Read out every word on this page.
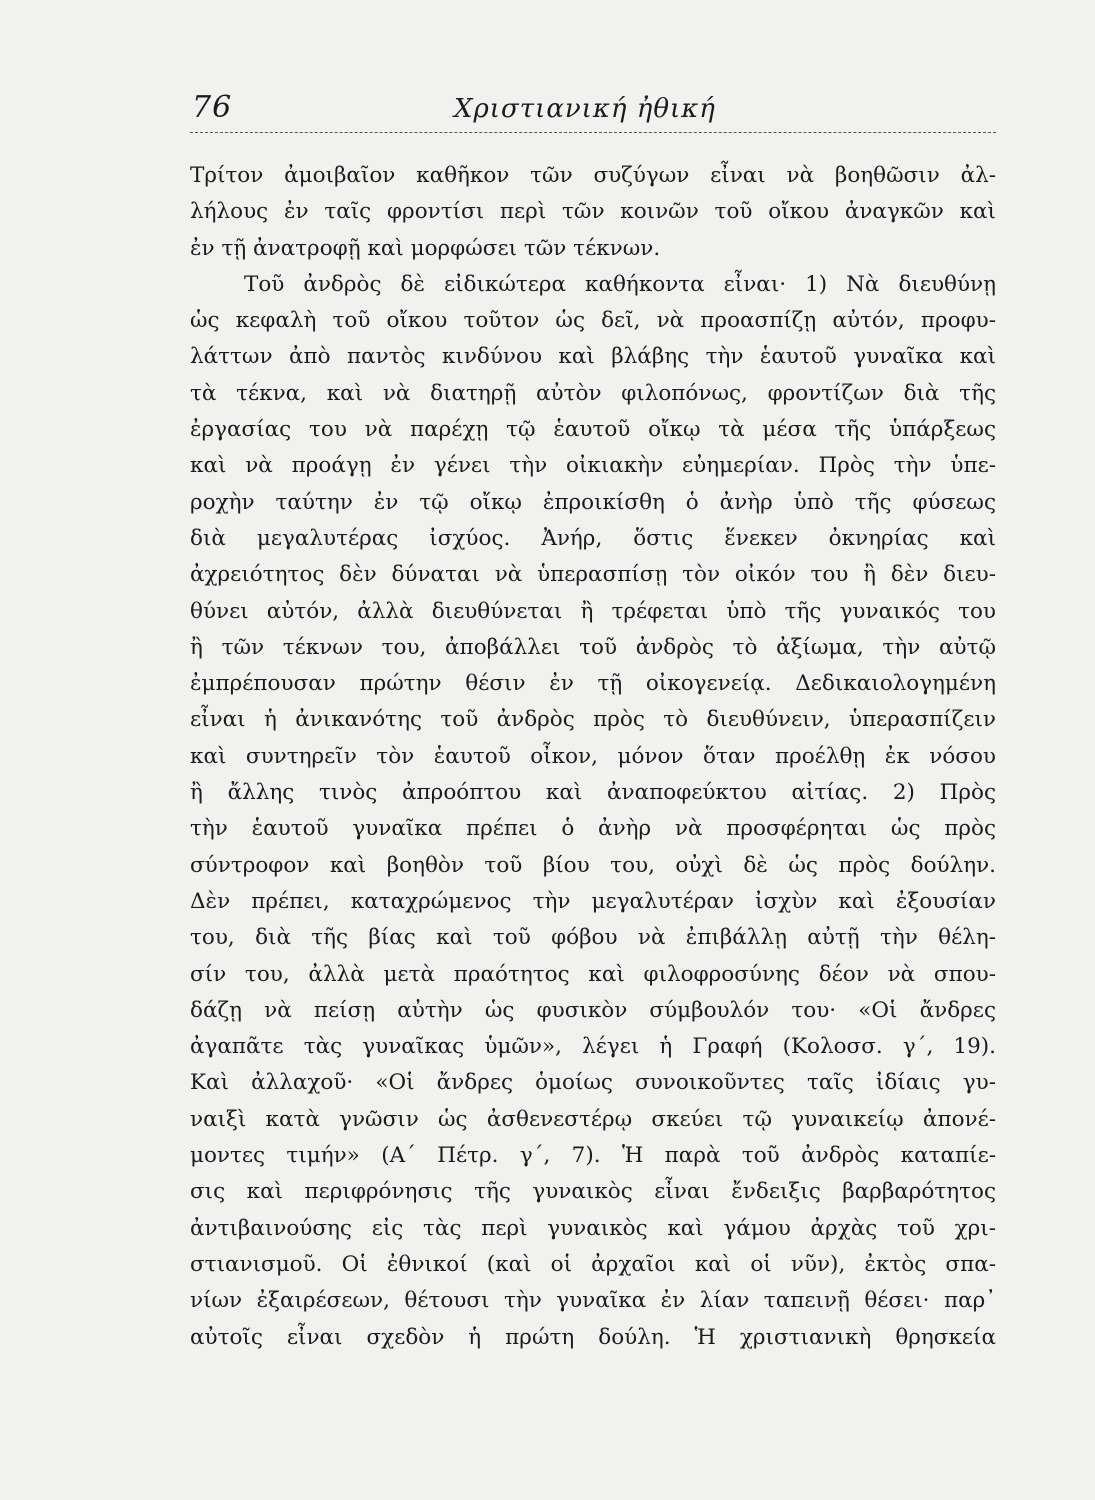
76	Χριστιανική ἠθική
Τρίτον ἀμοιβαῖον καθῆκον τῶν συζύγων εἶναι νὰ βοηθῶσιν ἀλ-
λήλους ἐν ταῖς φροντίσι περὶ τῶν κοινῶν τοῦ οἴκου ἀναγκῶν καὶ
ἐν τῇ ἀνατροφῇ καὶ μορφώσει τῶν τέκνων.
Τοῦ ἀνδρὸς δὲ εἰδικώτερα καθήκοντα εἶναι· 1) Νὰ διευθύνῃ
ὡς κεφαλὴ τοῦ οἴκου τοῦτον ὡς δεῖ, νὰ προασπίζῃ αὐτόν, προφυ-
λάττων ἀπὸ παντὸς κινδύνου καὶ βλάβης τὴν ἑαυτοῦ γυναῖκα καὶ
τὰ τέκνα, καὶ νὰ διατηρῇ αὐτὸν φιλοπόνως, φροντίζων διὰ τῆς
ἐργασίας του νὰ παρέχῃ τῷ ἑαυτοῦ οἴκῳ τὰ μέσα τῆς ὑπάρξεως
καὶ νὰ προάγῃ ἐν γένει τὴν οἰκιακὴν εὐημερίαν. Πρὸς τὴν ὑπε-
ροχὴν ταύτην ἐν τῷ οἴκῳ ἐπροικίσθη ὁ ἀνὴρ ὑπὸ τῆς φύσεως
διὰ μεγαλυτέρας ἰσχύος. Ἀνήρ, ὅστις ἕνεκεν ὀκνηρίας καὶ
ἀχρειότητος δὲν δύναται νὰ ὑπερασπίσῃ τὸν οἰκόν του ἢ δὲν διευ-
θύνει αὐτόν, ἀλλὰ διευθύνεται ἢ τρέφεται ὑπὸ τῆς γυναικός του
ἢ τῶν τέκνων του, ἀποβάλλει τοῦ ἀνδρὸς τὸ ἀξίωμα, τὴν αὐτῷ
ἐμπρέπουσαν πρώτην θέσιν ἐν τῇ οἰκογενείᾳ. Δεδικαιολογημένη
εἶναι ἡ ἀνικανότης τοῦ ἀνδρὸς πρὸς τὸ διευθύνειν, ὑπερασπίζειν
καὶ συντηρεῖν τὸν ἑαυτοῦ οἶκον, μόνον ὅταν προέλθῃ ἐκ νόσου
ἢ ἄλλης τινὸς ἀπροόπτου καὶ ἀναποφεύκτου αἰτίας. 2) Πρὸς
τὴν ἑαυτοῦ γυναῖκα πρέπει ὁ ἀνὴρ νὰ προσφέρηται ὡς πρὸς
σύντροφον καὶ βοηθὸν τοῦ βίου του, οὐχὶ δὲ ὡς πρὸς δούλην.
Δὲν πρέπει, καταχρώμενος τὴν μεγαλυτέραν ἰσχὺν καὶ ἐξουσίαν
του, διὰ τῆς βίας καὶ τοῦ φόβου νὰ ἐπιβάλλῃ αὐτῇ τὴν θέλη-
σίν του, ἀλλὰ μετὰ πραότητος καὶ φιλοφροσύνης δέον νὰ σπου-
δάζῃ νὰ πείσῃ αὐτὴν ὡς φυσικὸν σύμβουλόν του· «Οἱ ἄνδρες
ἀγαπᾶτε τὰς γυναῖκας ὑμῶν», λέγει ἡ Γραφή (Κολοσσ. γ΄, 19).
Καὶ ἀλλαχοῦ· «Οἱ ἄνδρες ὁμοίως συνοικοῦντες ταῖς ἰδίαις γυ-
ναιξὶ κατὰ γνῶσιν ὡς ἀσθενεστέρῳ σκεύει τῷ γυναικείῳ ἀπονέ-
μοντες τιμήν» (Α΄ Πέτρ. γ΄, 7). Ἡ παρὰ τοῦ ἀνδρὸς καταπίε-
σις καὶ περιφρόνησις τῆς γυναικὸς εἶναι ἔνδειξις βαρβαρότητος
ἀντιβαινούσης εἰς τὰς περὶ γυναικὸς καὶ γάμου ἀρχὰς τοῦ χρι-
στιανισμοῦ. Οἱ ἐθνικοί (καὶ οἱ ἀρχαῖοι καὶ οἱ νῦν), ἐκτὸς σπα-
νίων ἐξαιρέσεων, θέτουσι τὴν γυναῖκα ἐν λίαν ταπεινῇ θέσει· παρ᾽
αὐτοῖς εἶναι σχεδὸν ἡ πρώτη δούλη. Ἡ χριστιανικὴ θρησκεία
